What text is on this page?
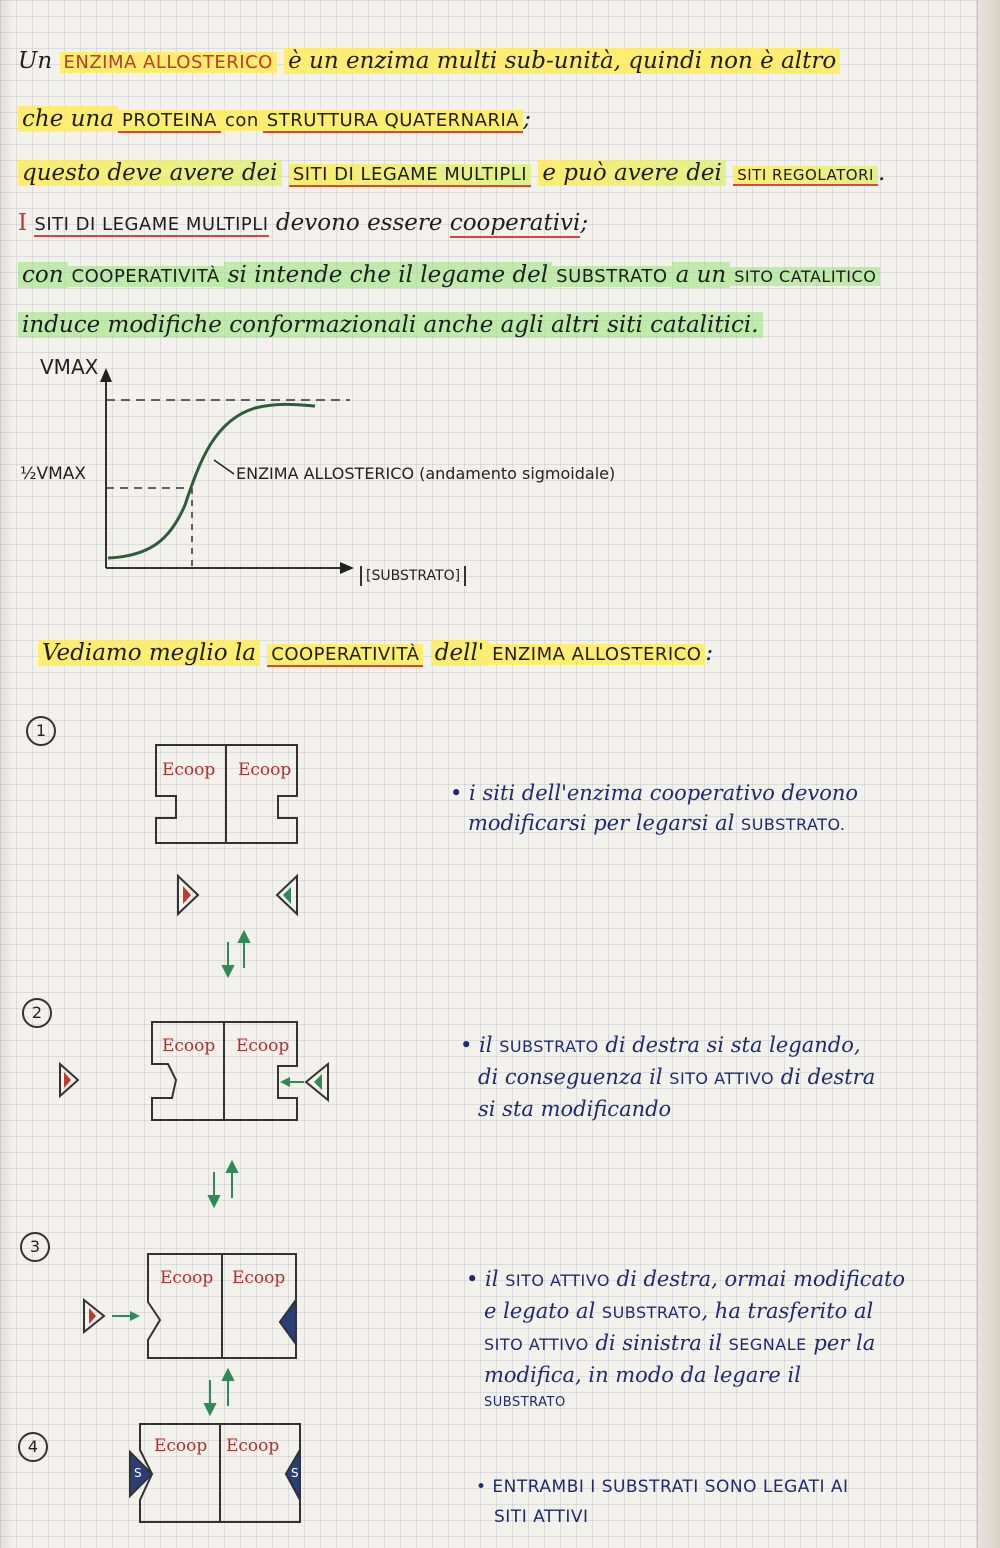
Un ENZIMA ALLOSTERICO è un enzima multi sub-unità, quindi non è altro
che una PROTEINA con STRUTTURA QUATERNARIA ;
questo deve avere dei SITI DI LEGAME MULTIPLI e può avere dei SITI REGOLATORI .
I SITI DI LEGAME MULTIPLI devono essere cooperativi;
con COOPERATIVITÀ si intende che il legame del SUBSTRATO a un SITO CATALITICO
induce modifiche conformazionali anche agli altri siti catalitici.
VMAX
½VMAX	ENZIMA ALLOSTERICO (andamento sigmoidale)
[SUBSTRATO]
Vediamo meglio la COOPERATIVITÀ dell' ENZIMA ALLOSTERICO :
1
2
3
4
Ecoop Ecoop
Ecoop Ecoop
Ecoop Ecoop
Ecoop Ecoop
S	S
• i siti dell'enzima cooperativo devono
modificarsi per legarsi al SUBSTRATO.
• il SUBSTRATO di destra si sta legando,
di conseguenza il SITO ATTIVO di destra
si sta modificando
• il SITO ATTIVO di destra, ormai modificato
e legato al SUBSTRATO, ha trasferito al
SITO ATTIVO di sinistra il SEGNALE per la
modifica, in modo da legare il
SUBSTRATO
• ENTRAMBI I SUBSTRATI SONO LEGATI AI
SITI ATTIVI
